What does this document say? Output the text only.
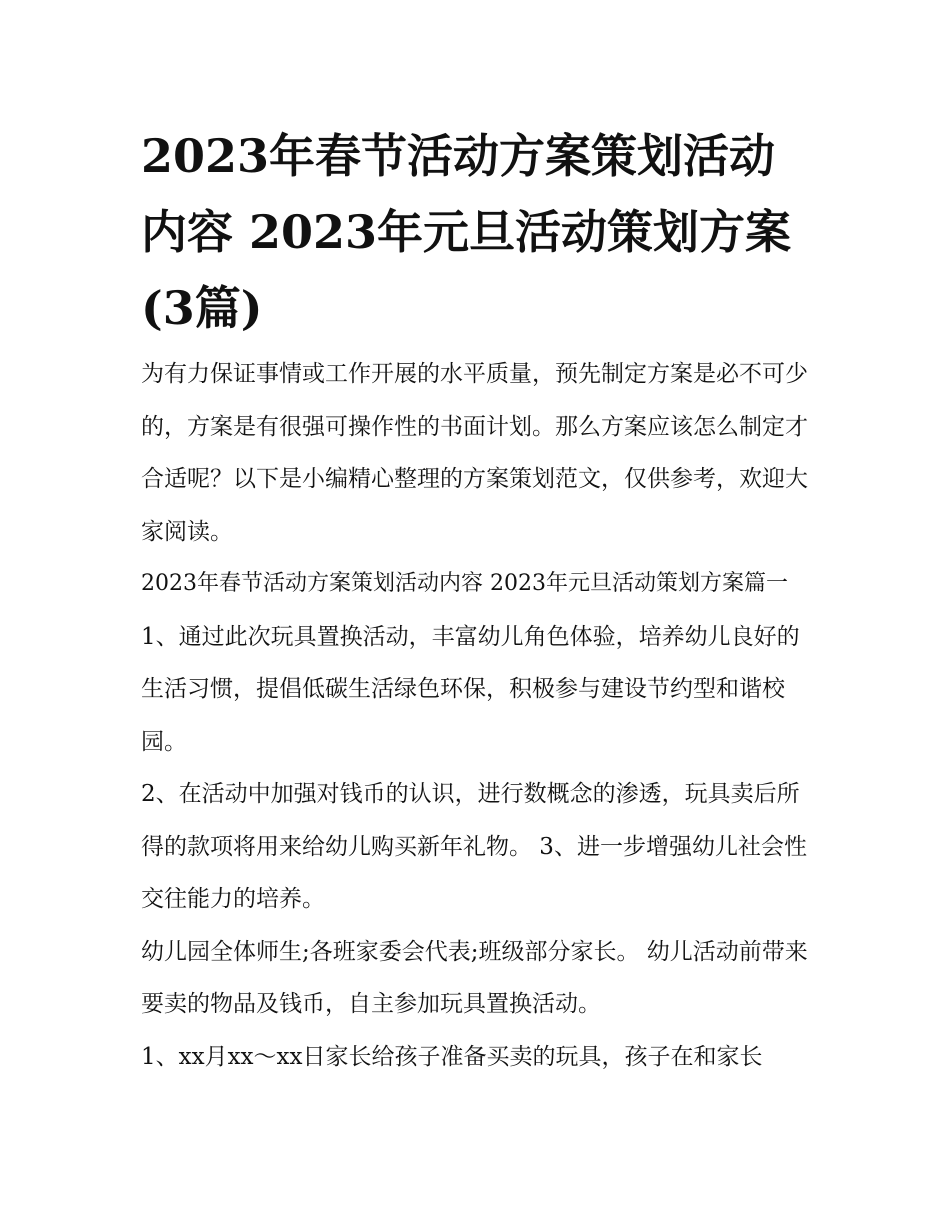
2023年春节活动方案策划活动内容 2023年元旦活动策划方案(3篇)

为有力保证事情或工作开展的水平质量，预先制定方案是必不可少的，方案是有很强可操作性的书面计划。那么方案应该怎么制定才合适呢？以下是小编精心整理的方案策划范文，仅供参考，欢迎大家阅读。

2023年春节活动方案策划活动内容 2023年元旦活动策划方案篇一

1、通过此次玩具置换活动，丰富幼儿角色体验，培养幼儿良好的生活习惯，提倡低碳生活绿色环保，积极参与建设节约型和谐校园。

2、在活动中加强对钱币的认识，进行数概念的渗透，玩具卖后所得的款项将用来给幼儿购买新年礼物。 3、进一步增强幼儿社会性交往能力的培养。

幼儿园全体师生;各班家委会代表;班级部分家长。 幼儿活动前带来要卖的物品及钱币，自主参加玩具置换活动。

1、xx月xx～xx日家长给孩子准备买卖的玩具，孩子在和家长
